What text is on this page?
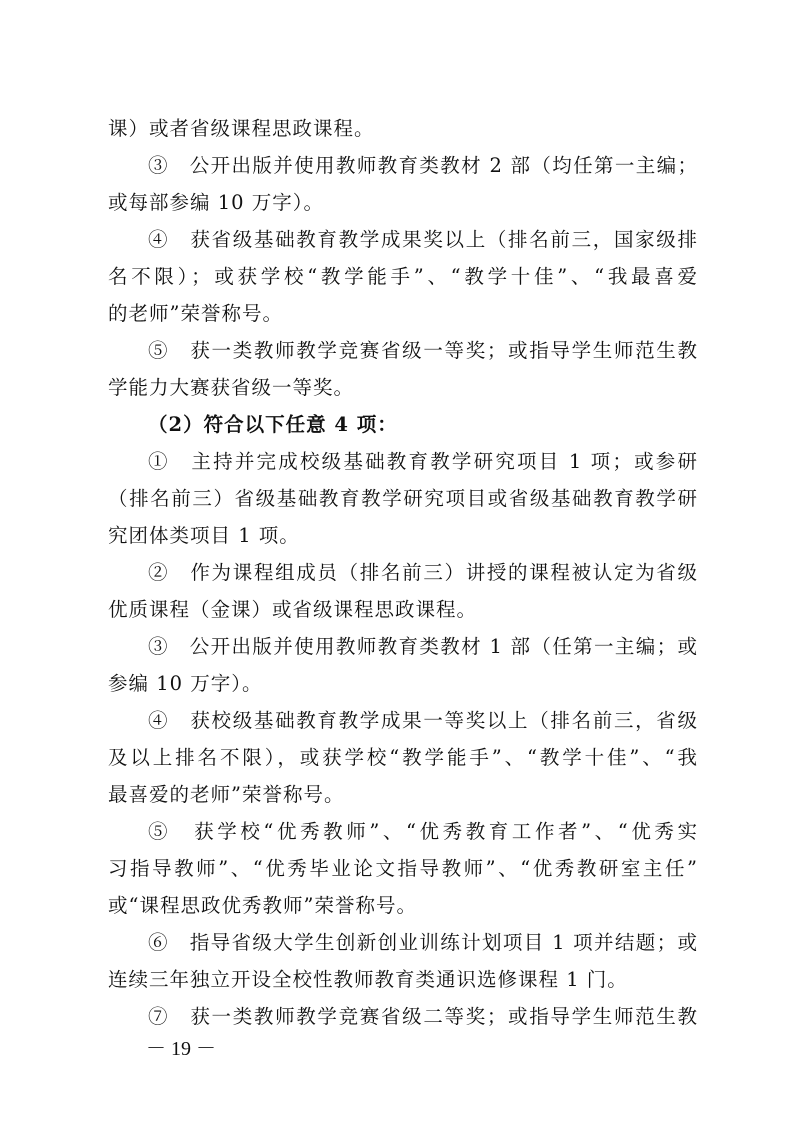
课）或者省级课程思政课程。
③　公开出版并使用教师教育类教材 2 部（均任第一主编；
或每部参编 10 万字）。
④　获省级基础教育教学成果奖以上（排名前三，国家级排
名不限）；或获学校“教学能手”、“教学十佳”、“我最喜爱
的老师”荣誉称号。
⑤　获一类教师教学竞赛省级一等奖；或指导学生师范生教
学能力大赛获省级一等奖。
（2）符合以下任意 4 项：
①　主持并完成校级基础教育教学研究项目 1 项；或参研
（排名前三）省级基础教育教学研究项目或省级基础教育教学研
究团体类项目 1 项。
②　作为课程组成员（排名前三）讲授的课程被认定为省级
优质课程（金课）或省级课程思政课程。
③　公开出版并使用教师教育类教材 1 部（任第一主编；或
参编 10 万字）。
④　获校级基础教育教学成果一等奖以上（排名前三，省级
及以上排名不限），或获学校“教学能手”、“教学十佳”、“我
最喜爱的老师”荣誉称号。
⑤　获学校“优秀教师”、“优秀教育工作者”、“优秀实
习指导教师”、“优秀毕业论文指导教师”、“优秀教研室主任”
或“课程思政优秀教师”荣誉称号。
⑥　指导省级大学生创新创业训练计划项目 1 项并结题；或
连续三年独立开设全校性教师教育类通识选修课程 1 门。
⑦　获一类教师教学竞赛省级二等奖；或指导学生师范生教
－ 19 －
